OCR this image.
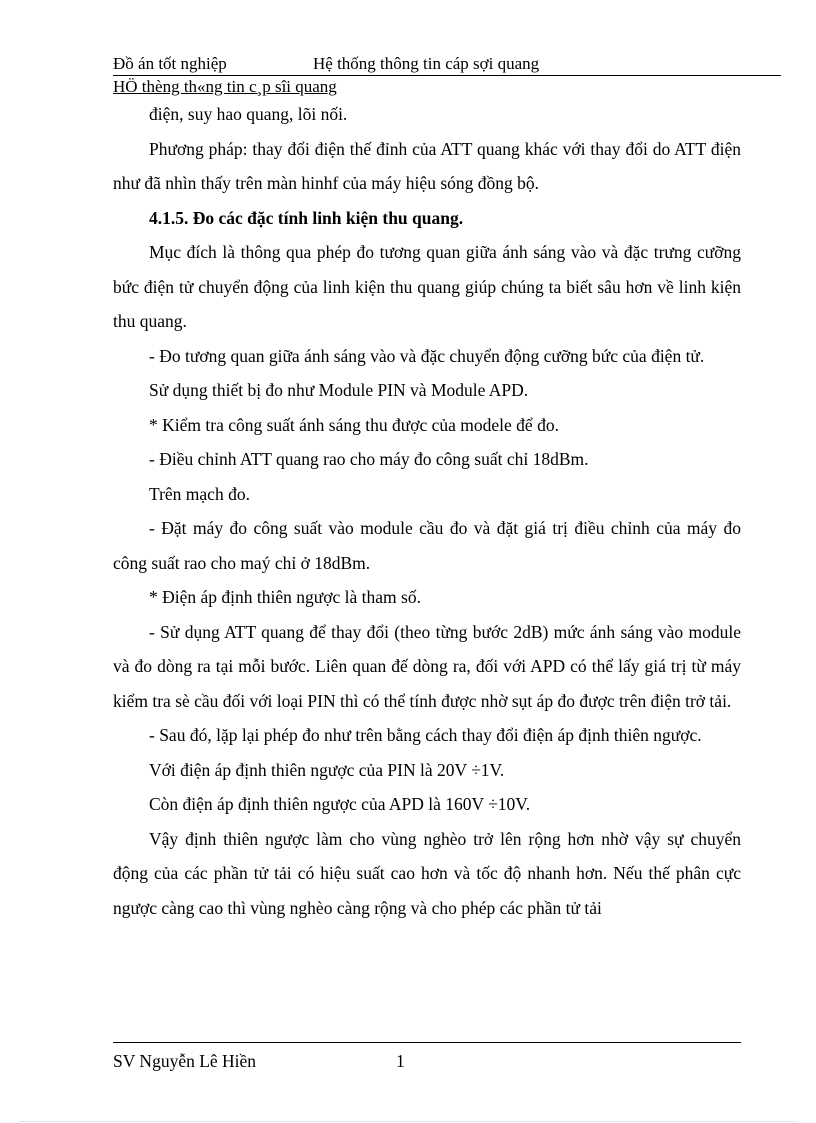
Đồ án tốt nghiệp	Hệ thống thông tin cáp sợi quang
HÖ thèng th«ng tin c¸p sîi quang

điện, suy hao quang, lõi nối.

Phương pháp: thay đổi điện thế đỉnh của ATT quang khác với thay đổi do ATT điện như đã nhìn thấy trên màn hinhf của máy hiệu sóng đồng bộ.

4.1.5. Đo các đặc tính linh kiện thu quang.

Mục đích là thông qua phép đo tương quan giữa ánh sáng vào và đặc trưng cưỡng bức điện tử chuyển động của linh kiện thu quang giúp chúng ta biết sâu hơn về linh kiện thu quang.

- Đo tương quan giữa ánh sáng vào và đặc chuyển động cưỡng bức của điện tử.

Sử dụng thiết bị đo như Module PIN và Module APD.

* Kiểm tra công suất ánh sáng thu được của modele để đo.

- Điều chỉnh ATT quang rao cho máy đo công suất chỉ 18dBm.

Trên mạch đo.

- Đặt máy đo công suất vào module cầu đo và đặt giá trị điều chỉnh của máy đo công suất rao cho maý chỉ ở 18dBm.

* Điện áp định thiên ngược là tham số.

- Sử dụng ATT quang để thay đổi (theo từng bước 2dB) mức ánh sáng vào module và đo dòng ra tại mỗi bước. Liên quan đế dòng ra, đối với APD có thể lấy giá trị từ máy kiểm tra sè cầu đối với loại PIN thì có thể tính được nhờ sụt áp đo được trên điện trở tải.

- Sau đó, lặp lại phép đo như trên bằng cách thay đổi điện áp định thiên ngược.

Với điện áp định thiên ngược của PIN là 20V ÷1V.

Còn điện áp định thiên ngược của APD là 160V ÷10V.

Vậy định thiên ngược làm cho vùng nghèo trở lên rộng hơn nhờ vậy sự chuyển động của các phần tử tải có hiệu suất cao hơn và tốc độ nhanh hơn. Nếu thế phân cực ngược càng cao thì vùng nghèo càng rộng và cho phép các phần tử tải

SV Nguyễn Lê Hiền	1
